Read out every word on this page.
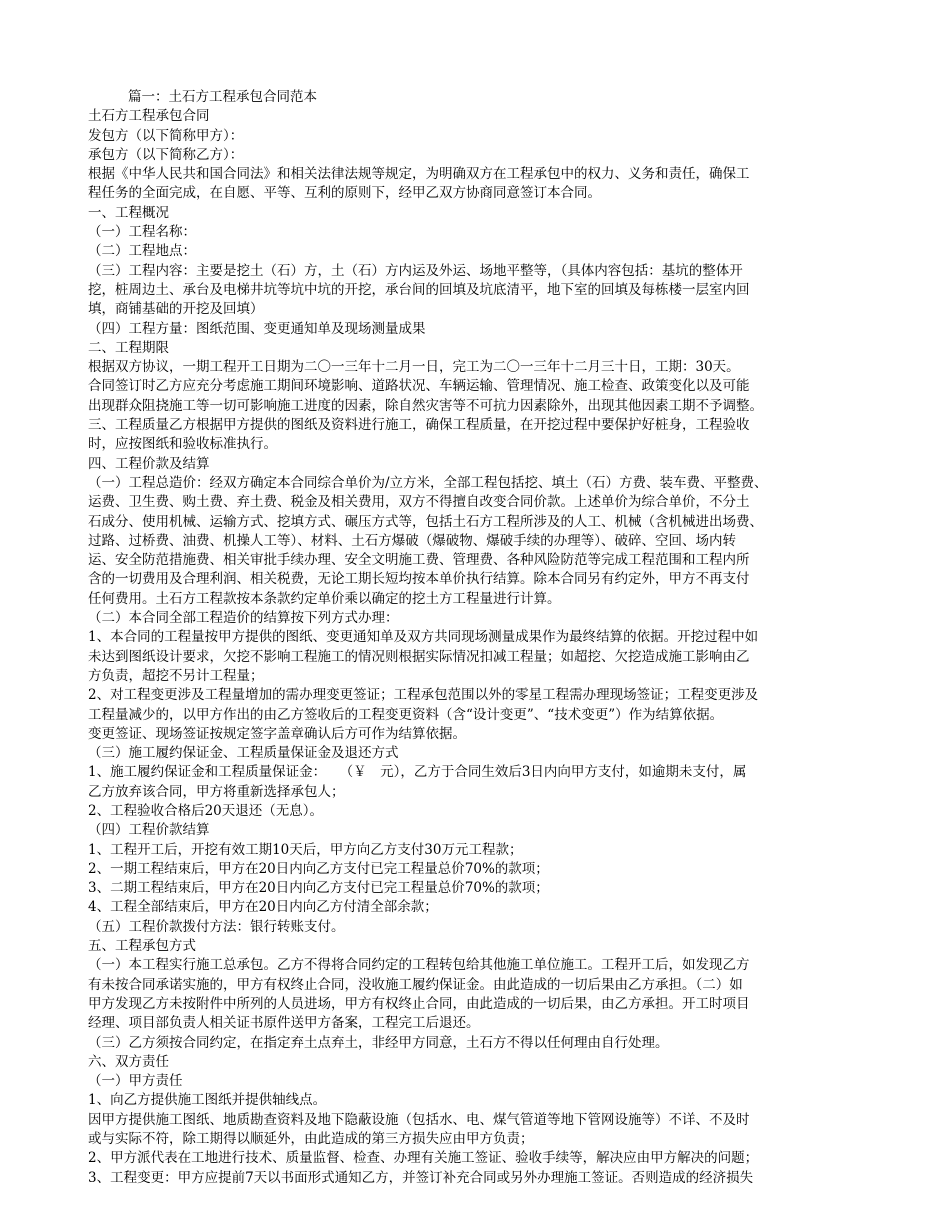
篇一：土石方工程承包合同范本
土石方工程承包合同
发包方（以下简称甲方）：
承包方（以下简称乙方）：
根据《中华人民共和国合同法》和相关法律法规等规定，为明确双方在工程承包中的权力、义务和责任，确保工
程任务的全面完成，在自愿、平等、互利的原则下，经甲乙双方协商同意签订本合同。
一、工程概况
（一）工程名称：
（二）工程地点：
（三）工程内容：主要是挖土（石）方，土（石）方内运及外运、场地平整等，（具体内容包括：基坑的整体开
挖，桩周边土、承台及电梯井坑等坑中坑的开挖，承台间的回填及坑底清平，地下室的回填及每栋楼一层室内回
填，商铺基础的开挖及回填）
（四）工程方量：图纸范围、变更通知单及现场测量成果
二、工程期限
根据双方协议，一期工程开工日期为二〇一三年十二月一日，完工为二〇一三年十二月三十日，工期：30天。
合同签订时乙方应充分考虑施工期间环境影响、道路状况、车辆运输、管理情况、施工检查、政策变化以及可能
出现群众阻挠施工等一切可影响施工进度的因素，除自然灾害等不可抗力因素除外，出现其他因素工期不予调整。
三、工程质量乙方根据甲方提供的图纸及资料进行施工，确保工程质量，在开挖过程中要保护好桩身，工程验收
时，应按图纸和验收标准执行。
四、工程价款及结算
（一）工程总造价：经双方确定本合同综合单价为/立方米，全部工程包括挖、填土（石）方费、装车费、平整费、
运费、卫生费、购土费、弃土费、税金及相关费用，双方不得擅自改变合同价款。上述单价为综合单价，不分土
石成分、使用机械、运输方式、挖填方式、碾压方式等，包括土石方工程所涉及的人工、机械（含机械进出场费、
过路、过桥费、油费、机操人工等）、材料、土石方爆破（爆破物、爆破手续的办理等）、破碎、空回、场内转
运、安全防范措施费、相关审批手续办理、安全文明施工费、管理费、各种风险防范等完成工程范围和工程内所
含的一切费用及合理利润、相关税费，无论工期长短均按本单价执行结算。除本合同另有约定外，甲方不再支付
任何费用。土石方工程款按本条款约定单价乘以确定的挖土方工程量进行计算。
（二）本合同全部工程造价的结算按下列方式办理：
1、本合同的工程量按甲方提供的图纸、变更通知单及双方共同现场测量成果作为最终结算的依据。开挖过程中如
未达到图纸设计要求，欠挖不影响工程施工的情况则根据实际情况扣减工程量；如超挖、欠挖造成施工影响由乙
方负责，超挖不另计工程量；
2、对工程变更涉及工程量增加的需办理变更签证；工程承包范围以外的零星工程需办理现场签证；工程变更涉及
工程量减少的，以甲方作出的由乙方签收后的工程变更资料（含“设计变更”、“技术变更”）作为结算依据。
变更签证、现场签证按规定签字盖章确认后方可作为结算依据。
（三）施工履约保证金、工程质量保证金及退还方式
1、施工履约保证金和工程质量保证金：　　（￥　元），乙方于合同生效后3日内向甲方支付，如逾期未支付，属
乙方放弃该合同，甲方将重新选择承包人；
2、工程验收合格后20天退还（无息）。
（四）工程价款结算
1、工程开工后，开挖有效工期10天后，甲方向乙方支付30万元工程款；
2、一期工程结束后，甲方在20日内向乙方支付已完工程量总价70%的款项；
3、二期工程结束后，甲方在20日内向乙方支付已完工程量总价70%的款项；
4、工程全部结束后，甲方在20日内向乙方付清全部余款；
（五）工程价款拨付方法：银行转账支付。
五、工程承包方式
（一）本工程实行施工总承包。乙方不得将合同约定的工程转包给其他施工单位施工。工程开工后，如发现乙方
有未按合同承诺实施的，甲方有权终止合同，没收施工履约保证金。由此造成的一切后果由乙方承担。（二）如
甲方发现乙方未按附件中所列的人员进场，甲方有权终止合同，由此造成的一切后果，由乙方承担。开工时项目
经理、项目部负责人相关证书原件送甲方备案，工程完工后退还。
（三）乙方须按合同约定，在指定弃土点弃土，非经甲方同意，土石方不得以任何理由自行处理。
六、双方责任
（一）甲方责任
1、向乙方提供施工图纸并提供轴线点。
因甲方提供施工图纸、地质勘查资料及地下隐蔽设施（包括水、电、煤气管道等地下管网设施等）不详、不及时
或与实际不符，除工期得以顺延外，由此造成的第三方损失应由甲方负责；
2、甲方派代表在工地进行技术、质量监督、检查、办理有关施工签证、验收手续等，解决应由甲方解决的问题；
3、工程变更：甲方应提前7天以书面形式通知乙方，并签订补充合同或另外办理施工签证。否则造成的经济损失
